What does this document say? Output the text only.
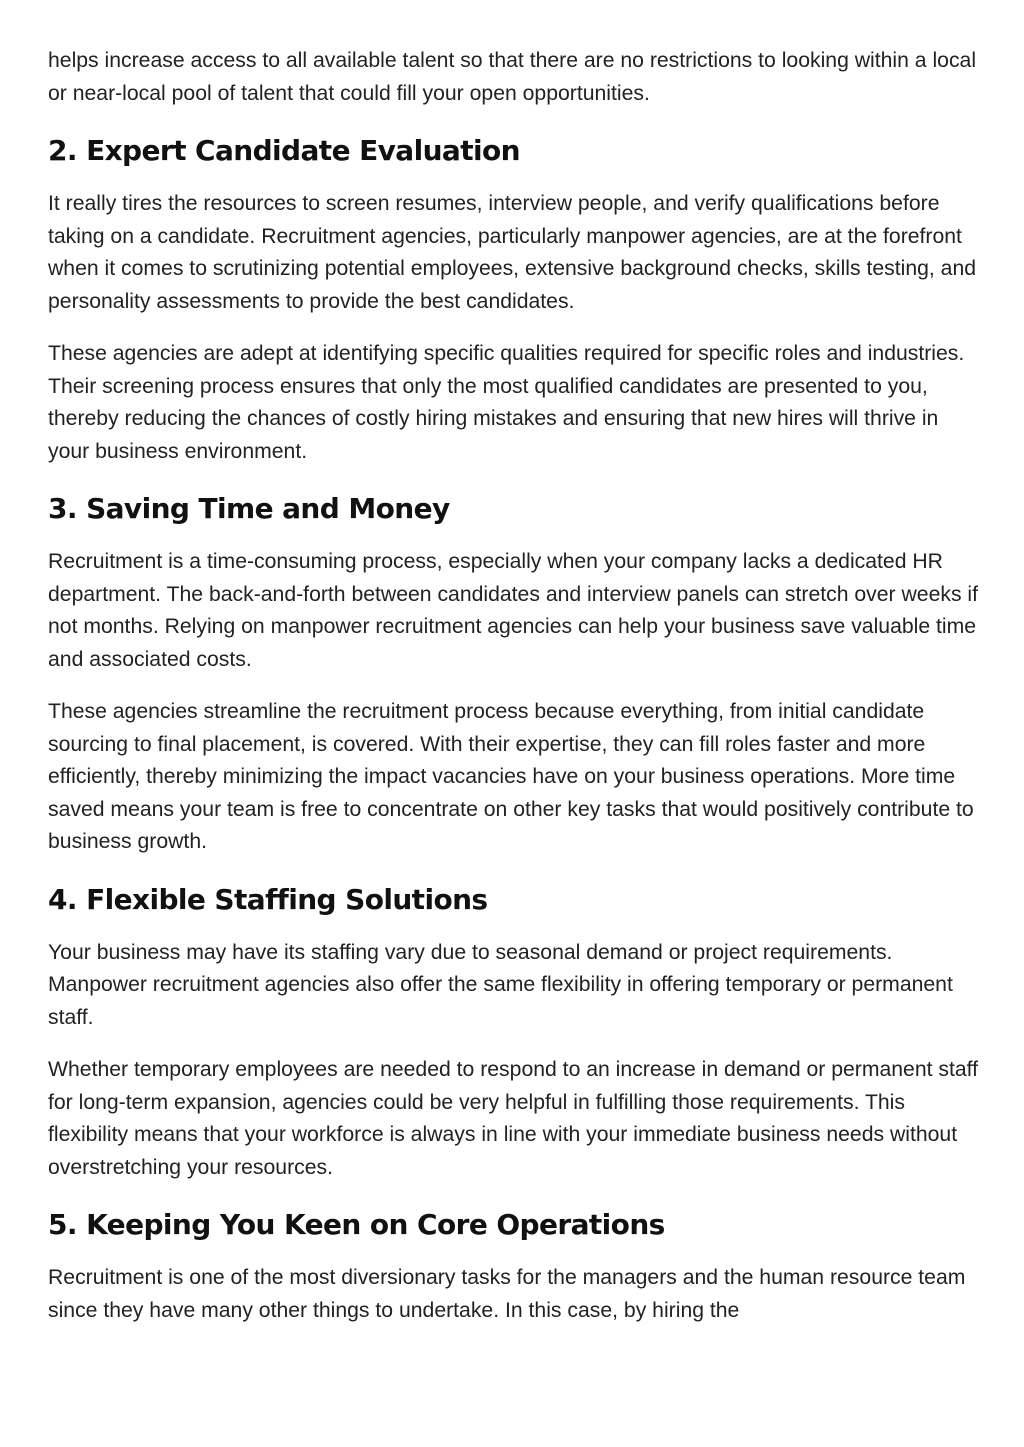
helps increase access to all available talent so that there are no restrictions to looking within a local or near-local pool of talent that could fill your open opportunities.

2. Expert Candidate Evaluation

It really tires the resources to screen resumes, interview people, and verify qualifications before taking on a candidate. Recruitment agencies, particularly manpower agencies, are at the forefront when it comes to scrutinizing potential employees, extensive background checks, skills testing, and personality assessments to provide the best candidates.

These agencies are adept at identifying specific qualities required for specific roles and industries. Their screening process ensures that only the most qualified candidates are presented to you, thereby reducing the chances of costly hiring mistakes and ensuring that new hires will thrive in your business environment.

3. Saving Time and Money

Recruitment is a time-consuming process, especially when your company lacks a dedicated HR department. The back-and-forth between candidates and interview panels can stretch over weeks if not months. Relying on manpower recruitment agencies can help your business save valuable time and associated costs.

These agencies streamline the recruitment process because everything, from initial candidate sourcing to final placement, is covered. With their expertise, they can fill roles faster and more efficiently, thereby minimizing the impact vacancies have on your business operations. More time saved means your team is free to concentrate on other key tasks that would positively contribute to business growth.

4. Flexible Staffing Solutions

Your business may have its staffing vary due to seasonal demand or project requirements. Manpower recruitment agencies also offer the same flexibility in offering temporary or permanent staff.

Whether temporary employees are needed to respond to an increase in demand or permanent staff for long-term expansion, agencies could be very helpful in fulfilling those requirements. This flexibility means that your workforce is always in line with your immediate business needs without overstretching your resources.

5. Keeping You Keen on Core Operations

Recruitment is one of the most diversionary tasks for the managers and the human resource team since they have many other things to undertake. In this case, by hiring the
